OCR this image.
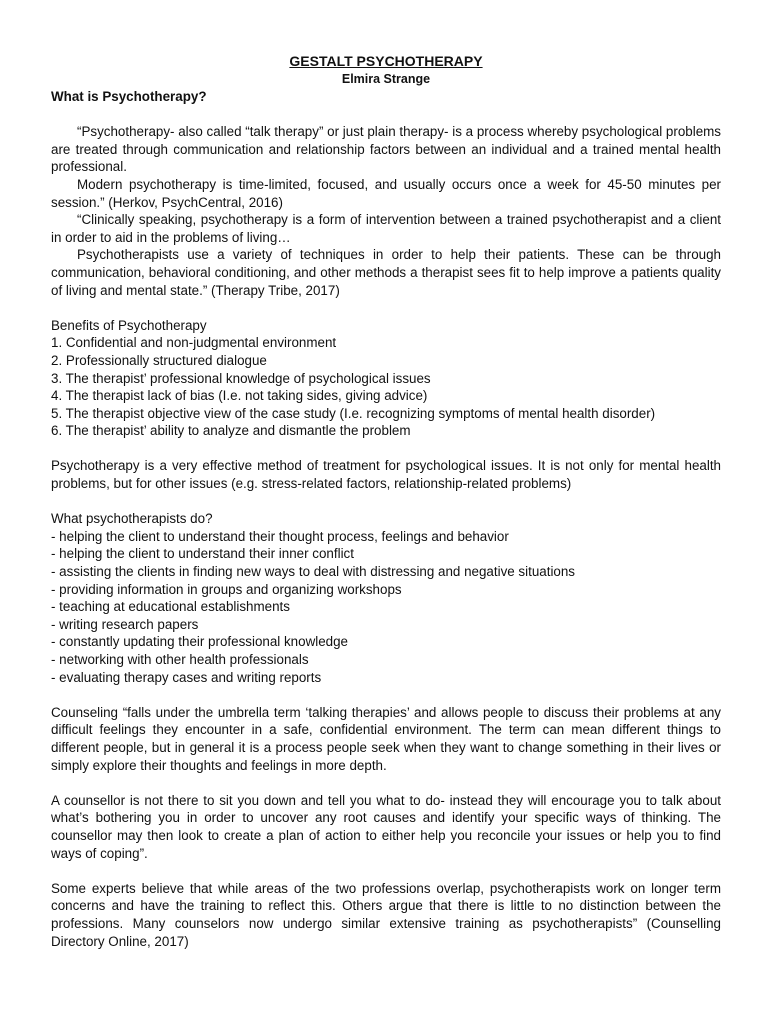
GESTALT PSYCHOTHERAPY
Elmira Strange
What is Psychotherapy?

“Psychotherapy- also called “talk therapy” or just plain therapy- is a process whereby psychological problems are treated through communication and relationship factors between an individual and a trained mental health professional.

Modern psychotherapy is time-limited, focused, and usually occurs once a week for 45-50 minutes per session.” (Herkov, PsychCentral, 2016)

“Clinically speaking, psychotherapy is a form of intervention between a trained psychotherapist and a client in order to aid in the problems of living…

Psychotherapists use a variety of techniques in order to help their patients. These can be through communication, behavioral conditioning, and other methods a therapist sees fit to help improve a patients quality of living and mental state.” (Therapy Tribe, 2017)

Benefits of Psychotherapy

1. Confidential and non-judgmental environment
2. Professionally structured dialogue
3. The therapist’ professional knowledge of psychological issues
4. The therapist lack of bias (I.e. not taking sides, giving advice)
5. The therapist objective view of the case study (I.e. recognizing symptoms of mental health disorder)
6. The therapist’ ability to analyze and dismantle the problem

Psychotherapy is a very effective method of treatment for psychological issues. It is not only for mental health problems, but for other issues (e.g. stress-related factors, relationship-related problems)

What psychotherapists do?

- helping the client to understand their thought process, feelings and behavior
- helping the client to understand their inner conflict
- assisting the clients in finding new ways to deal with distressing and negative situations
- providing information in groups and organizing workshops
- teaching at educational establishments
- writing research papers
- constantly updating their professional knowledge
- networking with other health professionals
- evaluating therapy cases and writing reports

Counseling “falls under the umbrella term ‘talking therapies’ and allows people to discuss their problems at any difficult feelings they encounter in a safe, confidential environment. The term can mean different things to different people, but in general it is a process people seek when they want to change something in their lives or simply explore their thoughts and feelings in more depth.

A counsellor is not there to sit you down and tell you what to do- instead they will encourage you to talk about what’s bothering you in order to uncover any root causes and identify your specific ways of thinking. The counsellor may then look to create a plan of action to either help you reconcile your issues or help you to find ways of coping”.

Some experts believe that while areas of the two professions overlap, psychotherapists work on longer term concerns and have the training to reflect this. Others argue that there is little to no distinction between the professions. Many counselors now undergo similar extensive training as psychotherapists” (Counselling Directory Online, 2017)
